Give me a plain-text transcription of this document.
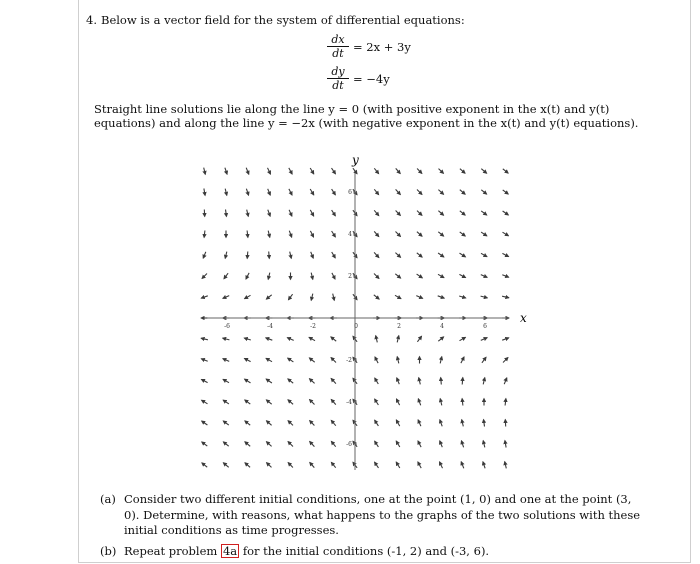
4. Below is a vector field for the system of differential equations:
$\frac{dx}{dt} = 2x + 3y$
$\frac{dy}{dt} = -4y$
Straight line solutions lie along the line y = 0 (with positive exponent in the x(t) and y(t) equations) and along the line y = −2x (with negative exponent in the x(t) and y(t) equations).
-6	-4	-2	0	2	4	6
6
4
2
-2
-4
-6
x
y
(a) Consider two different initial conditions, one at the point (1, 0) and one at the point (3, 0). Determine, with reasons, what happens to the graphs of the two solutions with these initial conditions as time progresses.
(b) Repeat problem 4a for the initial conditions (-1, 2) and (-3, 6).
